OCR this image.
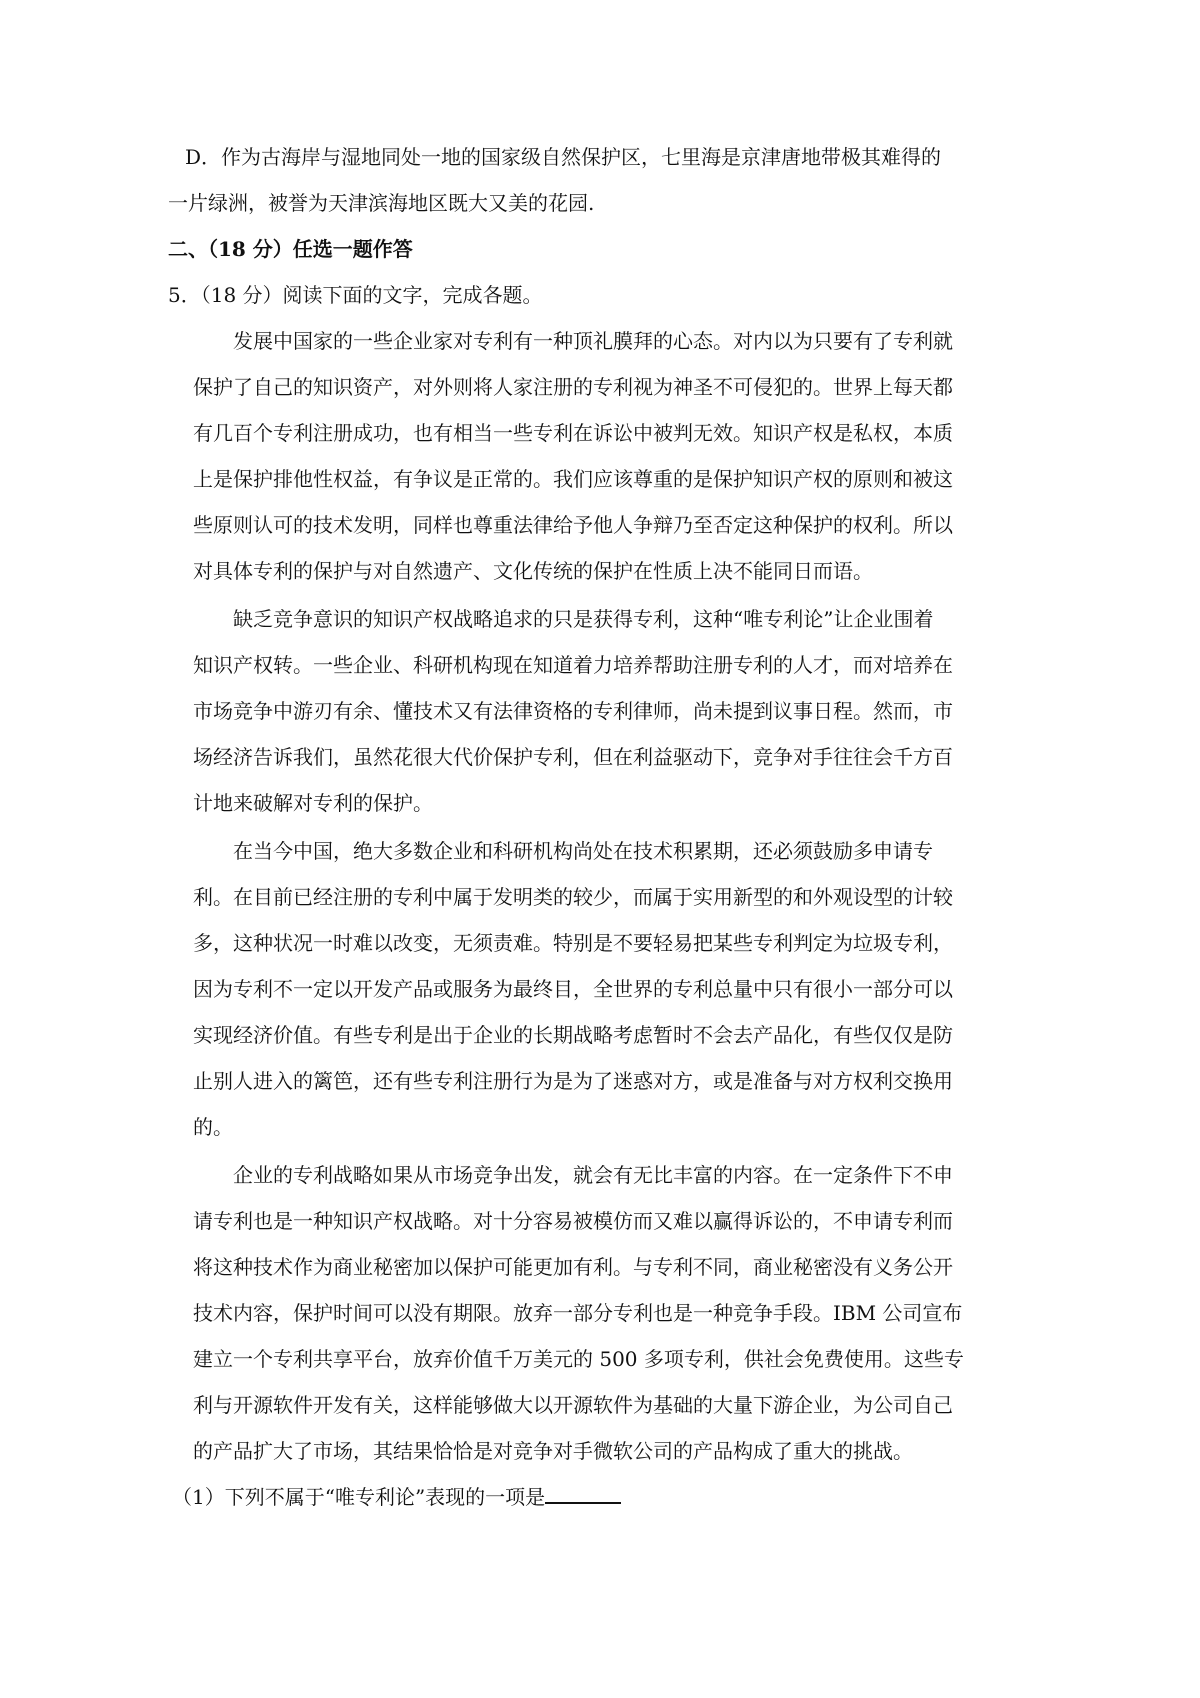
D．作为古海岸与湿地同处一地的国家级自然保护区，七里海是京津唐地带极其难得的
一片绿洲，被誉为天津滨海地区既大又美的花园.
二、（18 分）任选一题作答
5．（18 分）阅读下面的文字，完成各题。
发展中国家的一些企业家对专利有一种顶礼膜拜的心态。对内以为只要有了专利就
保护了自己的知识资产，对外则将人家注册的专利视为神圣不可侵犯的。世界上每天都
有几百个专利注册成功，也有相当一些专利在诉讼中被判无效。知识产权是私权，本质
上是保护排他性权益，有争议是正常的。我们应该尊重的是保护知识产权的原则和被这
些原则认可的技术发明，同样也尊重法律给予他人争辩乃至否定这种保护的权利。所以
对具体专利的保护与对自然遗产、文化传统的保护在性质上决不能同日而语。
缺乏竞争意识的知识产权战略追求的只是获得专利，这种“唯专利论”让企业围着
知识产权转。一些企业、科研机构现在知道着力培养帮助注册专利的人才，而对培养在
市场竞争中游刃有余、懂技术又有法律资格的专利律师，尚未提到议事日程。然而，市
场经济告诉我们，虽然花很大代价保护专利，但在利益驱动下，竞争对手往往会千方百
计地来破解对专利的保护。
在当今中国，绝大多数企业和科研机构尚处在技术积累期，还必须鼓励多申请专
利。在目前已经注册的专利中属于发明类的较少，而属于实用新型的和外观设型的计较
多，这种状况一时难以改变，无须责难。特别是不要轻易把某些专利判定为垃圾专利，
因为专利不一定以开发产品或服务为最终目，全世界的专利总量中只有很小一部分可以
实现经济价值。有些专利是出于企业的长期战略考虑暂时不会去产品化，有些仅仅是防
止别人进入的篱笆，还有些专利注册行为是为了迷惑对方，或是准备与对方权利交换用
的。
企业的专利战略如果从市场竞争出发，就会有无比丰富的内容。在一定条件下不申
请专利也是一种知识产权战略。对十分容易被模仿而又难以赢得诉讼的，不申请专利而
将这种技术作为商业秘密加以保护可能更加有利。与专利不同，商业秘密没有义务公开
技术内容，保护时间可以没有期限。放弃一部分专利也是一种竞争手段。IBM 公司宣布
建立一个专利共享平台，放弃价值千万美元的 500 多项专利，供社会免费使用。这些专
利与开源软件开发有关，这样能够做大以开源软件为基础的大量下游企业，为公司自己
的产品扩大了市场，其结果恰恰是对竞争对手微软公司的产品构成了重大的挑战。
（1）下列不属于“唯专利论”表现的一项是
